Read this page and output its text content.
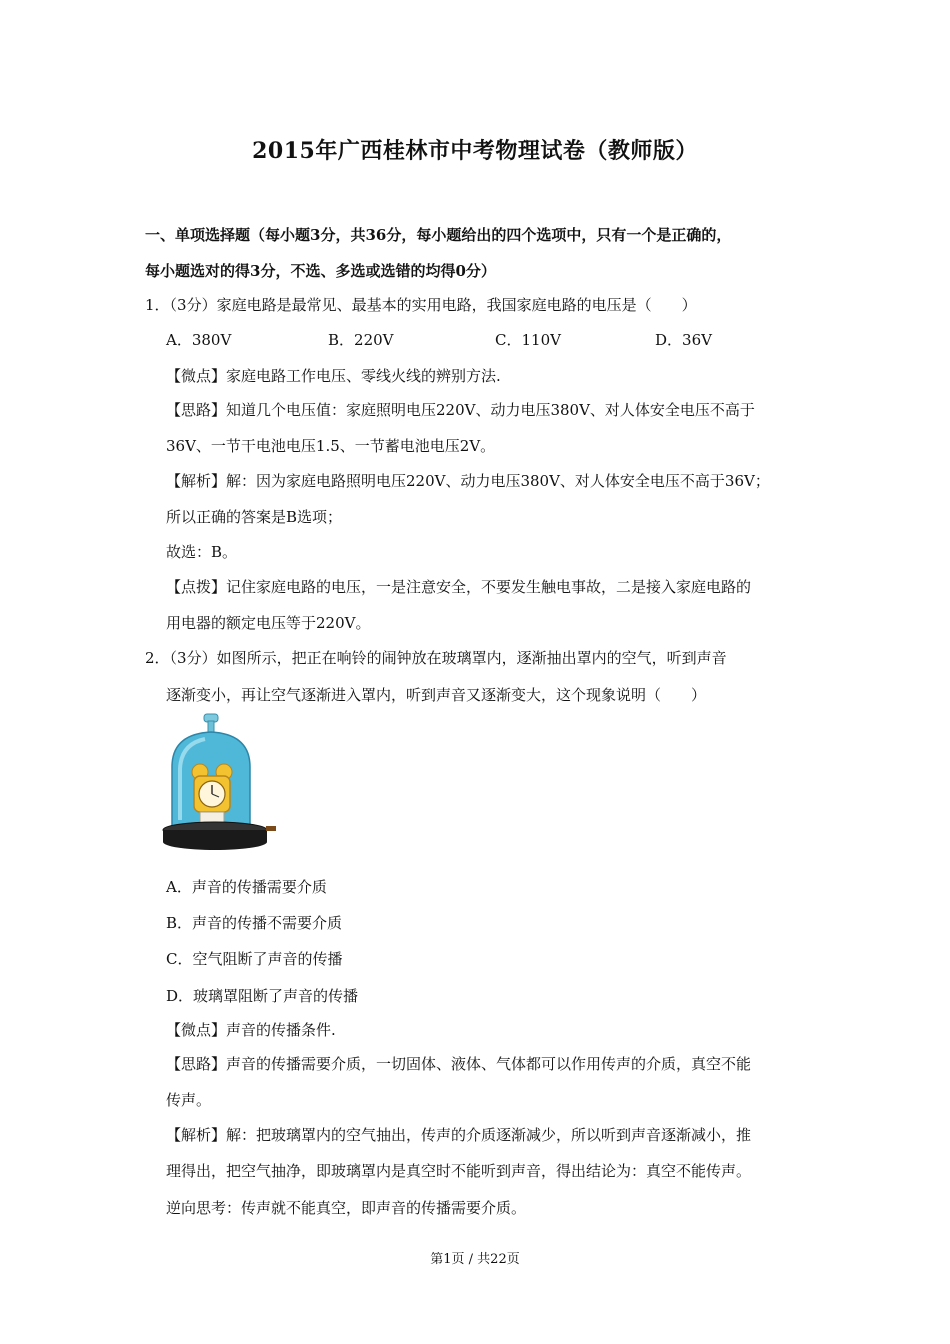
2015年广西桂林市中考物理试卷（教师版）
一、单项选择题（每小题3分，共36分，每小题给出的四个选项中，只有一个是正确的，
每小题选对的得3分，不选、多选或选错的均得0分）
1．（3分）家庭电路是最常见、最基本的实用电路，我国家庭电路的电压是（　　）
A．380V	B．220V	C．110V	D．36V
【微点】家庭电路工作电压、零线火线的辨别方法.
【思路】知道几个电压值：家庭照明电压220V、动力电压380V、对人体安全电压不高于
36V、一节干电池电压1.5、一节蓄电池电压2V。
【解析】解：因为家庭电路照明电压220V、动力电压380V、对人体安全电压不高于36V；
所以正确的答案是B选项；
故选：B。
【点拨】记住家庭电路的电压，一是注意安全，不要发生触电事故，二是接入家庭电路的
用电器的额定电压等于220V。
2．（3分）如图所示，把正在响铃的闹钟放在玻璃罩内，逐渐抽出罩内的空气，听到声音
逐渐变小，再让空气逐渐进入罩内，听到声音又逐渐变大，这个现象说明（　　）
A．声音的传播需要介质
B．声音的传播不需要介质
C．空气阻断了声音的传播
D．玻璃罩阻断了声音的传播
【微点】声音的传播条件.
【思路】声音的传播需要介质，一切固体、液体、气体都可以作用传声的介质，真空不能
传声。
【解析】解：把玻璃罩内的空气抽出，传声的介质逐渐减少，所以听到声音逐渐减小，推
理得出，把空气抽净，即玻璃罩内是真空时不能听到声音，得出结论为：真空不能传声。
逆向思考：传声就不能真空，即声音的传播需要介质。
第1页 / 共22页
